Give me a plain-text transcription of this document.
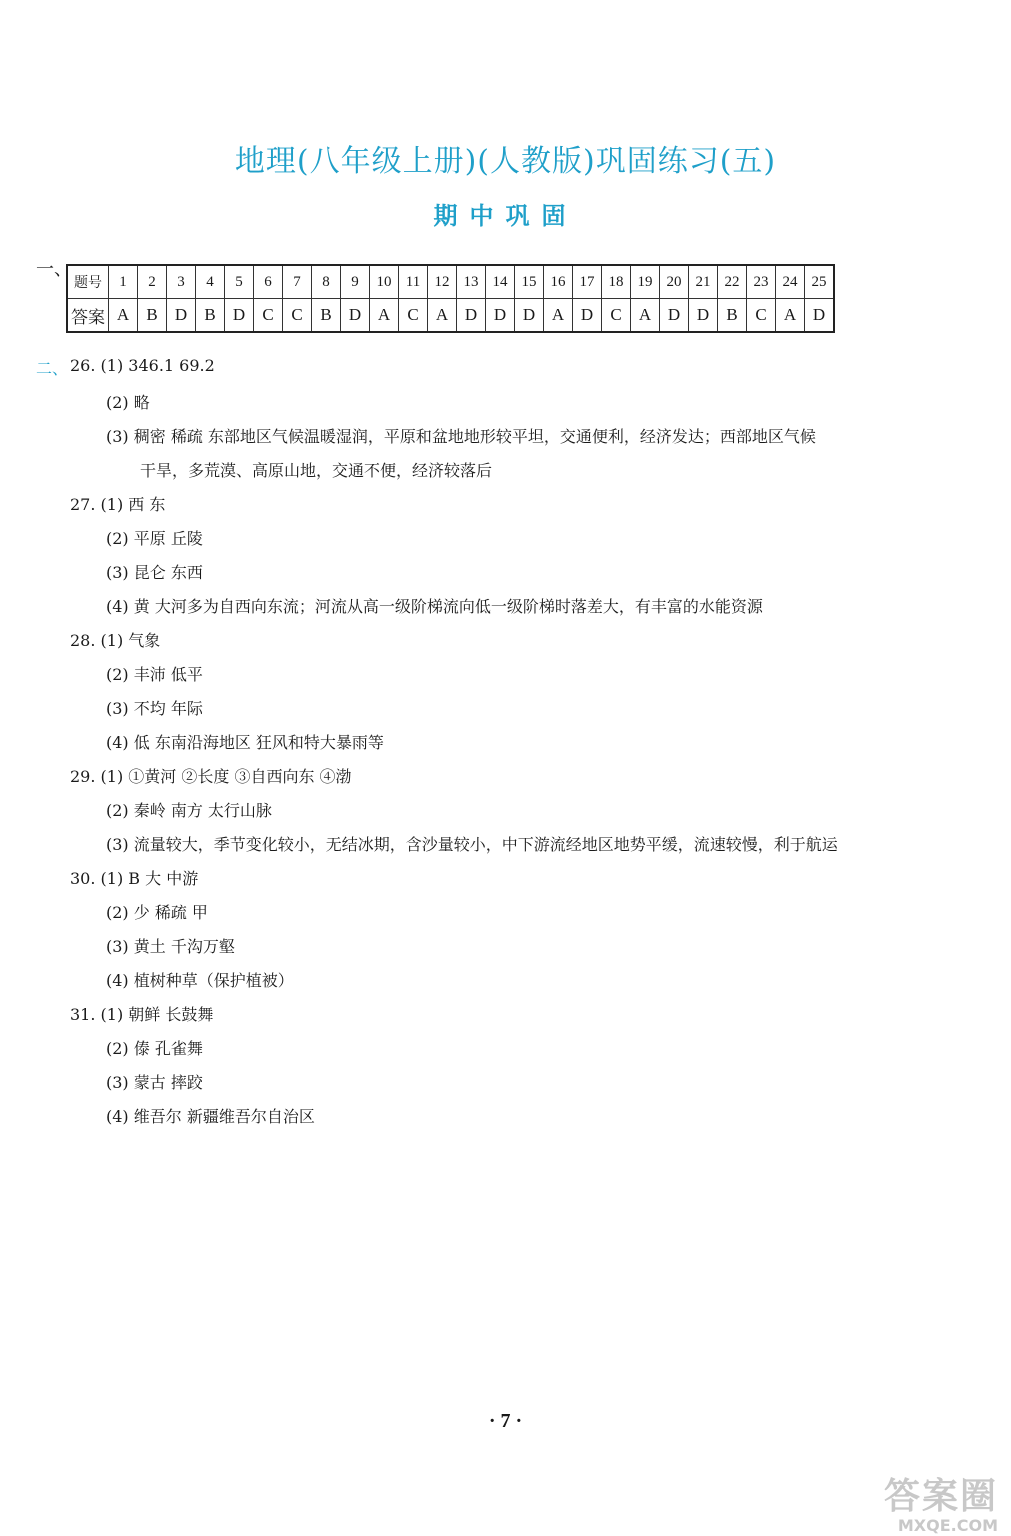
地理(八年级上册)(人教版)巩固练习(五)
期中巩固
一、
题号	1	2	3	4	5	6	7	8	9	10	11	12	13	14	15	16	17	18	19	20	21	22	23	24	25
答案	A	B	D	B	D	C	C	B	D	A	C	A	D	D	D	A	D	C	A	D	D	B	C	A	D
二、 26. (1) 346.1 69.2
(2) 略
(3) 稠密 稀疏 东部地区气候温暖湿润，平原和盆地地形较平坦，交通便利，经济发达；西部地区气候
干旱，多荒漠、高原山地，交通不便，经济较落后
27. (1) 西 东
(2) 平原 丘陵
(3) 昆仑 东西
(4) 黄 大河多为自西向东流；河流从高一级阶梯流向低一级阶梯时落差大，有丰富的水能资源
28. (1) 气象
(2) 丰沛 低平
(3) 不均 年际
(4) 低 东南沿海地区 狂风和特大暴雨等
29. (1) ①黄河 ②长度 ③自西向东 ④渤
(2) 秦岭 南方 太行山脉
(3) 流量较大，季节变化较小，无结冰期，含沙量较小，中下游流经地区地势平缓，流速较慢，利于航运
30. (1) B 大 中游
(2) 少 稀疏 甲
(3) 黄土 千沟万壑
(4) 植树种草（保护植被）
31. (1) 朝鲜 长鼓舞
(2) 傣 孔雀舞
(3) 蒙古 摔跤
(4) 维吾尔 新疆维吾尔自治区
· 7 ·
答案圈
MXQE.COM
